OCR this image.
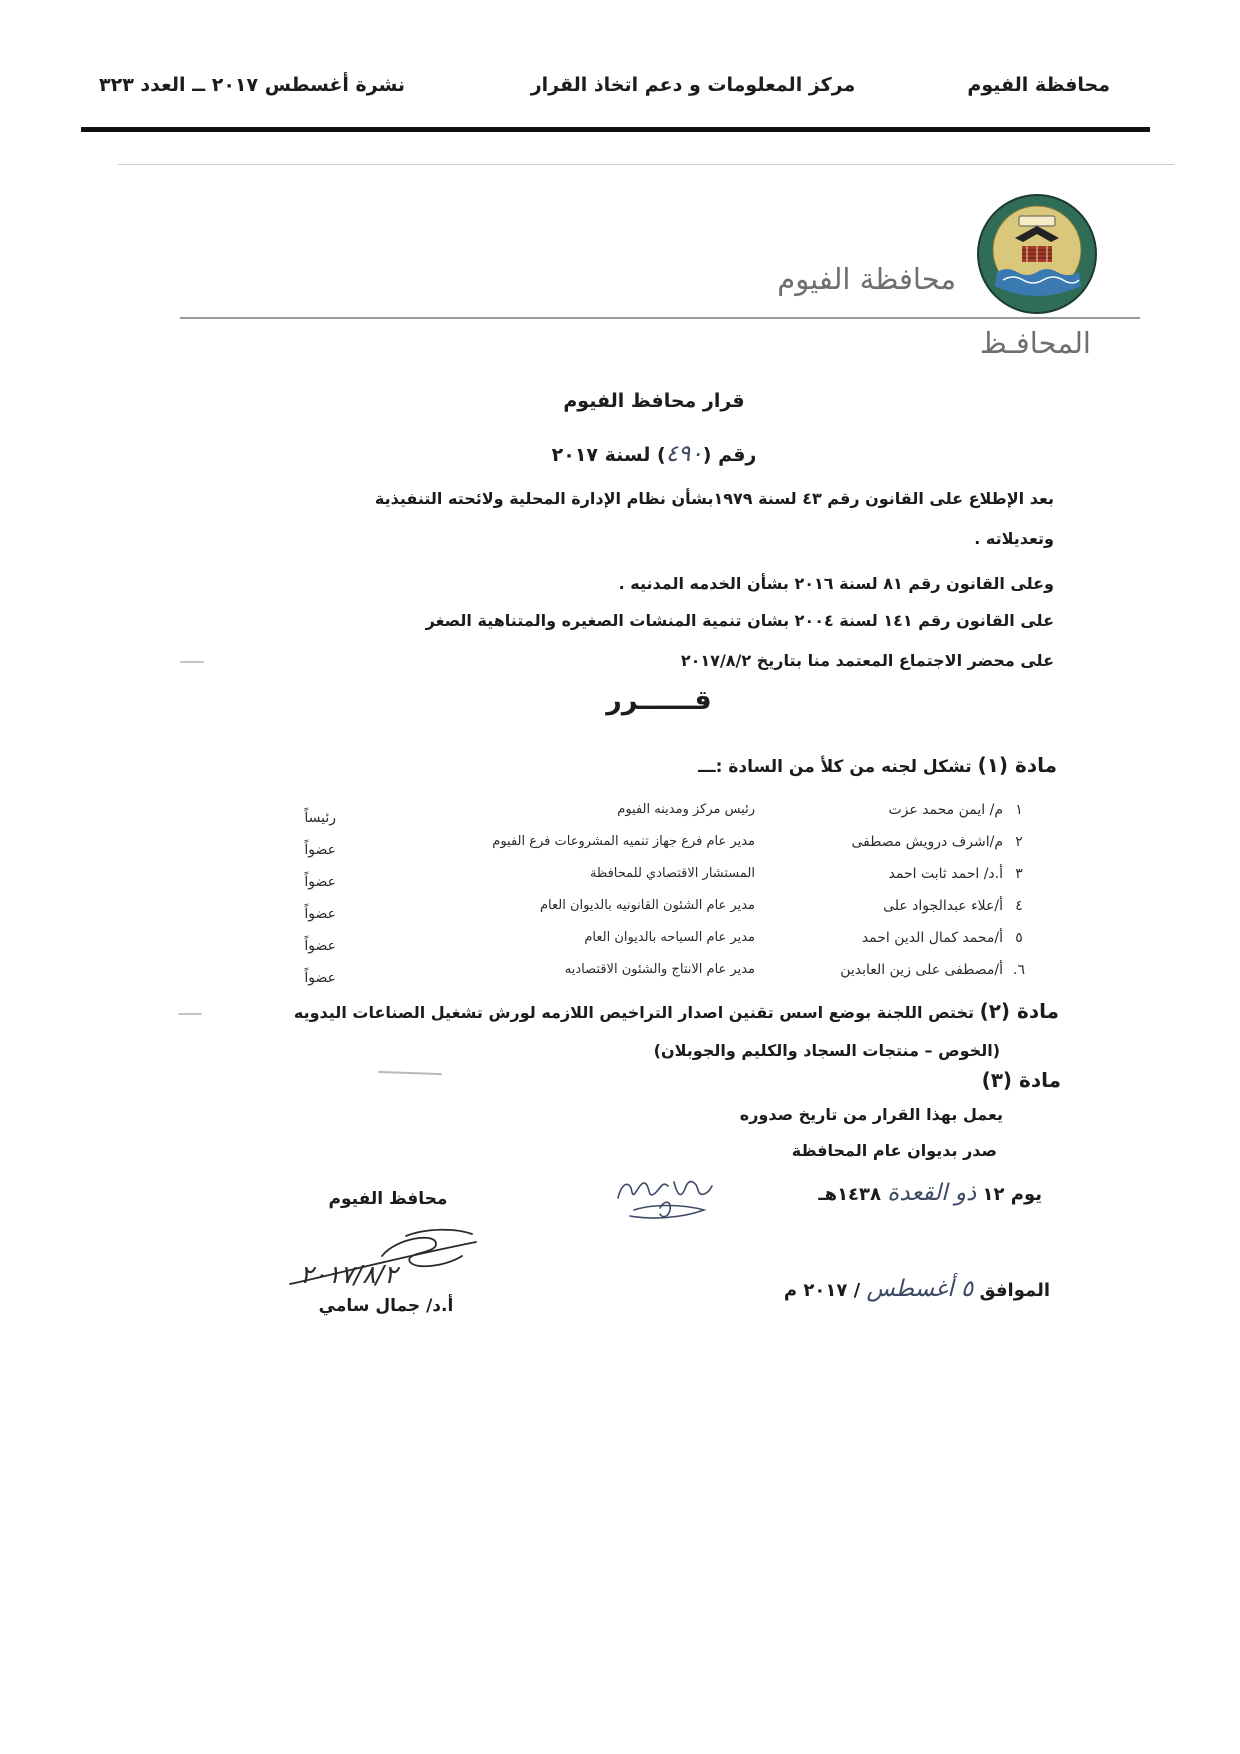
محافظة الفيوم
مركز المعلومات و دعم اتخاذ القرار
نشرة أغسطس ٢٠١٧ ــ العدد ٣٢٣
محافظة الفيوم
المحافـظ
قرار محافظ الفيوم
رقم (٤٩٠) لسنة ٢٠١٧
بعد الإطلاع على القانون رقم ٤٣ لسنة ١٩٧٩بشأن نظام الإدارة المحلية ولائحته التنفيذية
وتعديلاته .
وعلى القانون رقم ٨١ لسنة ٢٠١٦ بشأن الخدمه المدنيه .
على القانون رقم ١٤١ لسنة ٢٠٠٤ بشان تنمية المنشات الصغيره والمتناهية الصغر
على محضر الاجتماع المعتمد منا بتاريخ ٢٠١٧/٨/٢
قــــــرر
مادة (١) تشكل لجنه من كلأ من السادة :ـــ
١
م/ ايمن محمد عزت
رئيس مركز ومدينه الفيوم
رئيساً
٢
م/اشرف درويش مصطفى
مدير عام فرع جهاز تنميه المشروعات فرع الفيوم
عضواً
٣
أ.د/ احمد ثابت احمد
المستشار الاقتصادي للمحافظة
عضواً
٤
أ/علاء عبدالجواد على
مدير عام الشئون القانونيه بالديوان العام
عضواً
٥
أ/محمد كمال الدين احمد
مدير عام السياحه بالديوان العام
عضواً
٦.
أ/مصطفى على زين العابدين
مدير عام الانتاج والشئون الاقتصاديه
عضواً
مادة (٢) تختص اللجنة بوضع اسس تقنين اصدار التراخيص اللازمه لورش تشغيل الصناعات اليدويه
(الخوص – منتجات السجاد والكليم والجوبلان)
مادة (٣)
يعمل بهذا القرار من تاريخ صدوره
صدر بديوان عام المحافظة
يوم ١٢ ذو القعدة ١٤٣٨هـ
الموافق ٥ أغسطس / ٢٠١٧ م
محافظ الفيوم
٢٠١٧/٨/٢
أ.د/ جمال سامي
